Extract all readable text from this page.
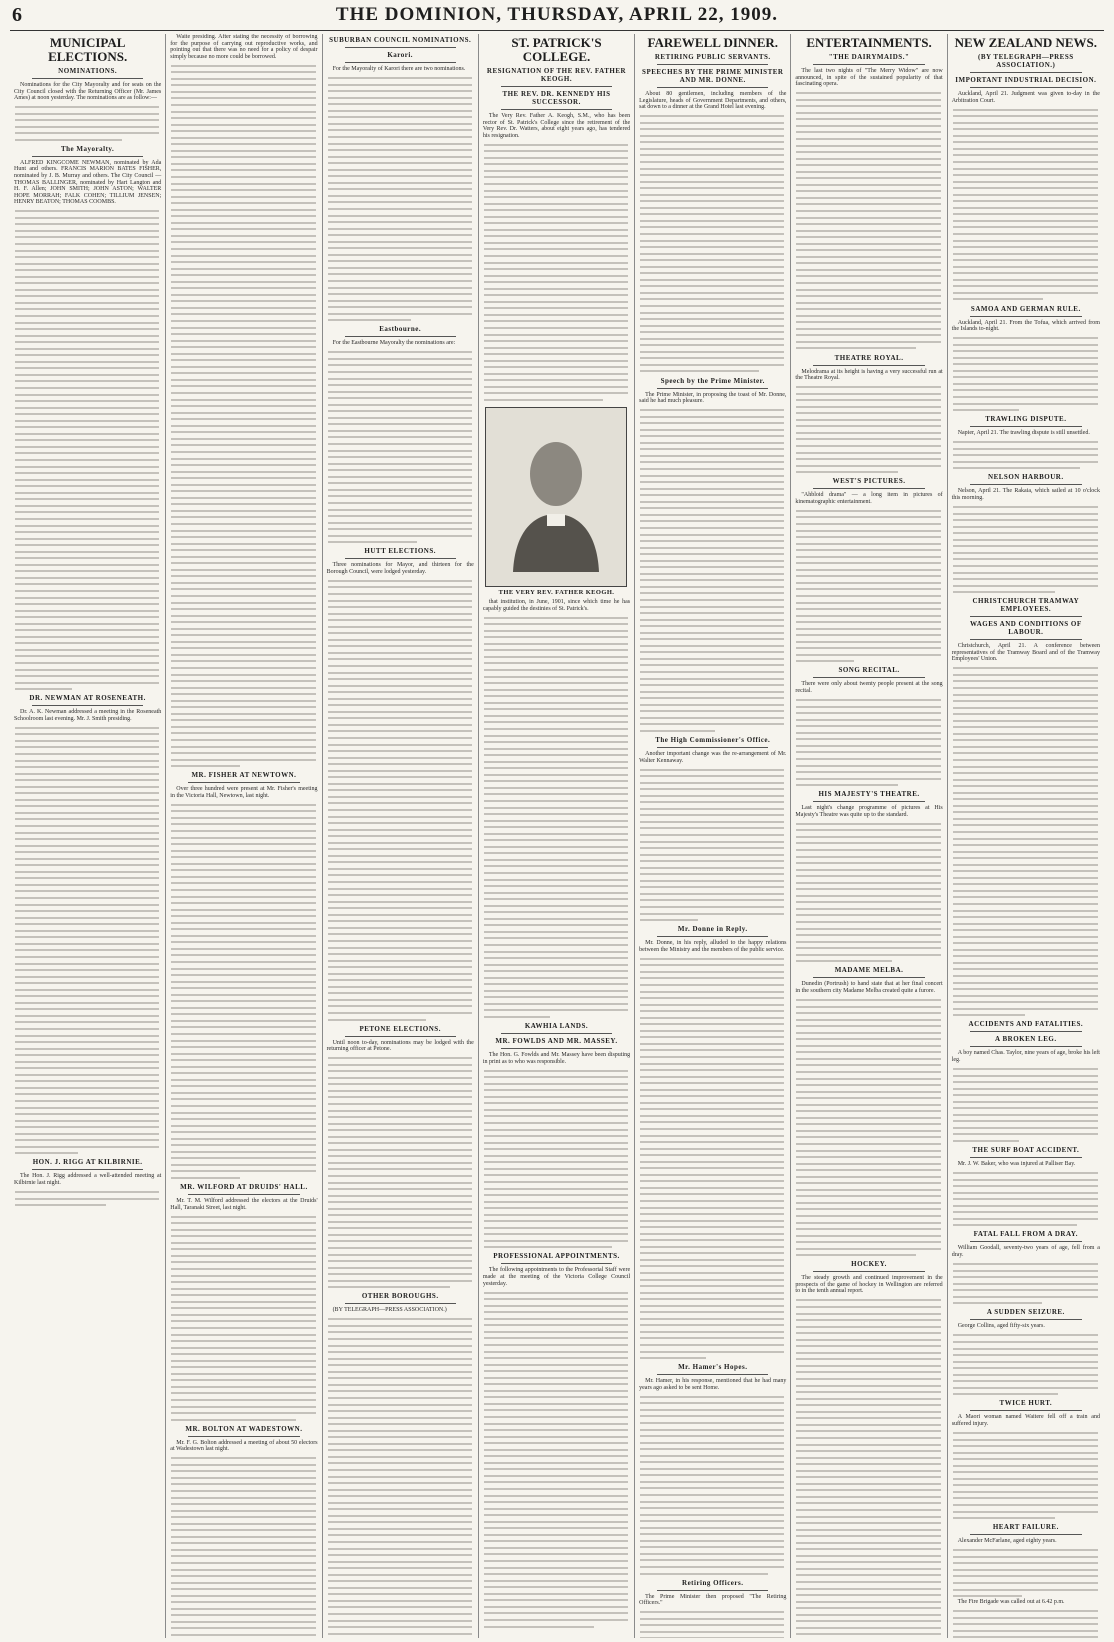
6	THE DOMINION, THURSDAY, APRIL 22, 1909.
MUNICIPAL ELECTIONS.
NOMINATIONS.

Nominations for the City Mayoralty and for seats on the City Council closed with the Returning Officer (Mr. James Ames) at noon yesterday. The nominations are as follow:—

The Mayoralty.

ALFRED KINGCOME NEWMAN, nominated by Ada Hunt and others. FRANCIS MARION BATES FISHER, nominated by J. B. Murray and others. The City Council — THOMAS BALLINGER, nominated by Hart Langton and H. F. Allen; JOHN SMITH; JOHN ASTON; WALTER HOPE MORRAH; FALK COHEN; TILLIUM JENSEN; HENRY BEATON; THOMAS COOMBS.

DR. NEWMAN AT ROSENEATH.

Dr. A. K. Newman addressed a meeting in the Roseneath Schoolroom last evening. Mr. J. Smith presiding.

HON. J. RIGG AT KILBIRNIE.

The Hon. J. Rigg addressed a well-attended meeting at Kilbirnie last night.

Waite presiding. After stating the necessity of borrowing for the purpose of carrying out reproductive works, and pointing out that there was no need for a policy of despair simply because no more could be borrowed.

MR. FISHER AT NEWTOWN.

Over three hundred were present at Mr. Fisher's meeting in the Victoria Hall, Newtown, last night.

MR. WILFORD AT DRUIDS' HALL.

Mr. T. M. Wilford addressed the electors at the Druids' Hall, Taranaki Street, last night.

MR. BOLTON AT WADESTOWN.

Mr. F. G. Bolton addressed a meeting of about 50 electors at Wadestown last night.

SUBURBAN COUNCIL NOMINATIONS.
Karori.

For the Mayoralty of Karori there are two nominations.

Eastbourne.

For the Eastbourne Mayoralty the nominations are:

HUTT ELECTIONS.

Three nominations for Mayor, and thirteen for the Borough Council, were lodged yesterday.

PETONE ELECTIONS.

Until noon to-day, nominations may be lodged with the returning officer at Petone.

OTHER BOROUGHS.

(BY TELEGRAPH—PRESS ASSOCIATION.)

ST. PATRICK'S COLLEGE.
RESIGNATION OF THE REV. FATHER KEOGH.
THE REV. DR. KENNEDY HIS SUCCESSOR.

The Very Rev. Father A. Keogh, S.M., who has been rector of St. Patrick's College since the retirement of the Very Rev. Dr. Watters, about eight years ago, has tendered his resignation.

THE VERY REV. FATHER KEOGH.

that institution, in June, 1901, since which time he has capably guided the destinies of St. Patrick's.

KAWHIA LANDS.
MR. FOWLDS AND MR. MASSEY.

The Hon. G. Fowlds and Mr. Massey have been disputing in print as to who was responsible.

PROFESSIONAL APPOINTMENTS.

The following appointments to the Professorial Staff were made at the meeting of the Victoria College Council yesterday.

FAREWELL DINNER.
RETIRING PUBLIC SERVANTS.
SPEECHES BY THE PRIME MINISTER AND MR. DONNE.

About 80 gentlemen, including members of the Legislature, heads of Government Departments, and others, sat down to a dinner at the Grand Hotel last evening.

Speech by the Prime Minister.

The Prime Minister, in proposing the toast of Mr. Donne, said he had much pleasure.

The High Commissioner's Office.

Another important change was the re-arrangement of Mr. Walter Kennaway.

Mr. Donne in Reply.

Mr. Donne, in his reply, alluded to the happy relations between the Ministry and the members of the public service.

Mr. Hamer's Hopes.

Mr. Hamer, in his response, mentioned that he had many years ago asked to be sent Home.

Retiring Officers.

The Prime Minister then proposed "The Retiring Officers."

ENTERTAINMENTS.
"THE DAIRYMAIDS."

The last two nights of "The Merry Widow" are now announced, in spite of the sustained popularity of that fascinating opera.

THEATRE ROYAL.

Melodrama at its height is having a very successful run at the Theatre Royal.

WEST'S PICTURES.

"Ahbloid drama" — a long item in pictures of kinematographic entertainment.

SONG RECITAL.

There were only about twenty people present at the song recital.

HIS MAJESTY'S THEATRE.

Last night's change programme of pictures at His Majesty's Theatre was quite up to the standard.

MADAME MELBA.

Dunedin (Portrush) to hand state that at her final concert in the southern city Madame Melba created quite a furore.

HOCKEY.

The steady growth and continued improvement in the prospects of the game of hockey in Wellington are referred to in the tenth annual report.

NEW ZEALAND NEWS.
(BY TELEGRAPH—PRESS ASSOCIATION.)
IMPORTANT INDUSTRIAL DECISION.

Auckland, April 21. Judgment was given to-day in the Arbitration Court.

SAMOA AND GERMAN RULE.

Auckland, April 21. From the Tofua, which arrived from the Islands to-night.

TRAWLING DISPUTE.

Napier, April 21. The trawling dispute is still unsettled.

NELSON HARBOUR.

Nelson, April 21. The Rakaia, which sailed at 10 o'clock this morning.

CHRISTCHURCH TRAMWAY EMPLOYEES.
WAGES AND CONDITIONS OF LABOUR.

Christchurch, April 21. A conference between representatives of the Tramway Board and of the Tramway Employees' Union.

ACCIDENTS AND FATALITIES.
A BROKEN LEG.

A boy named Chas. Taylor, nine years of age, broke his left leg.

THE SURF BOAT ACCIDENT.

Mr. J. W. Baker, who was injured at Palliser Bay.

FATAL FALL FROM A DRAY.

William Goodall, seventy-two years of age, fell from a dray.

A SUDDEN SEIZURE.

George Collins, aged fifty-six years.

TWICE HURT.

A Maori woman named Waitere fell off a train and suffered injury.

HEART FAILURE.

Alexander McFarlane, aged eighty years.

The Fire Brigade was called out at 6.42 p.m.
